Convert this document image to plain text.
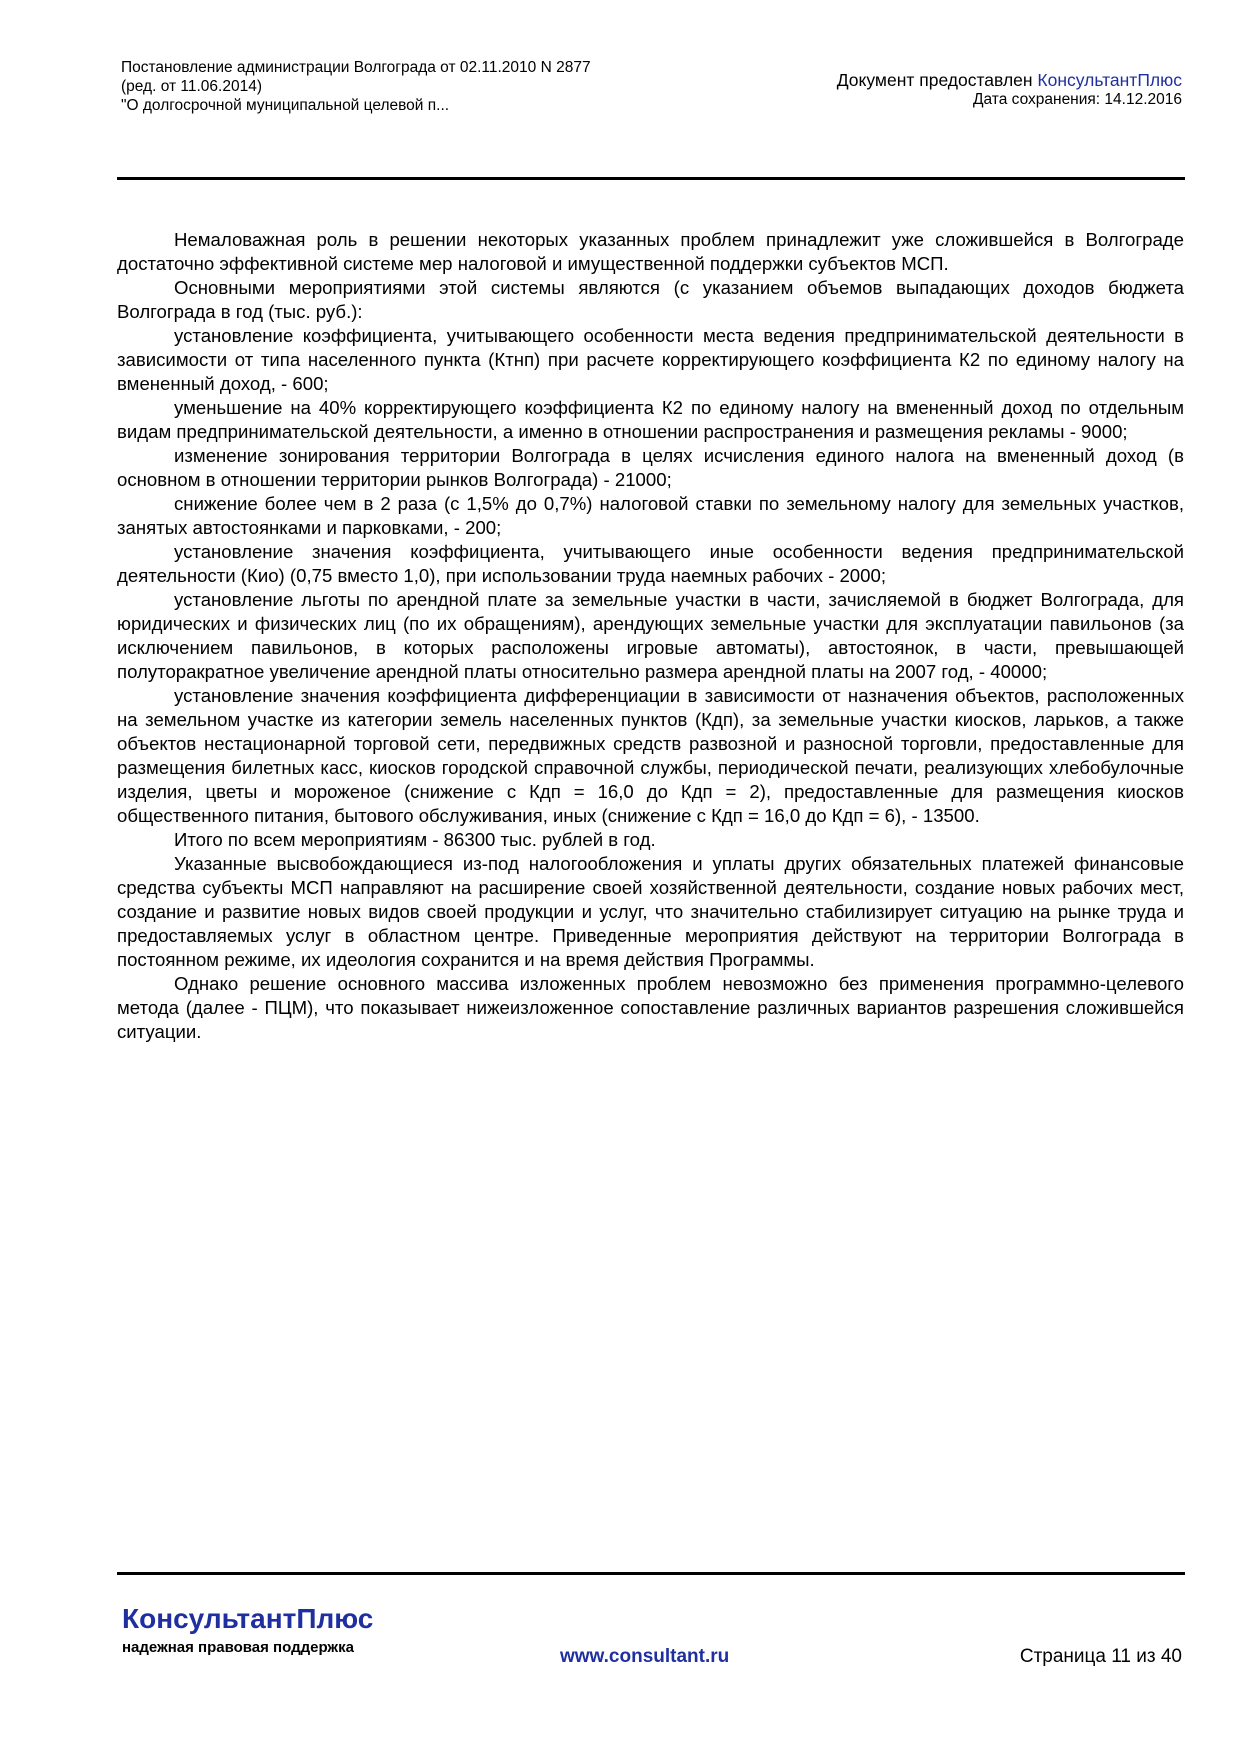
Постановление администрации Волгограда от 02.11.2010 N 2877
(ред. от 11.06.2014)
"О долгосрочной муниципальной целевой п...
Документ предоставлен КонсультантПлюс
Дата сохранения: 14.12.2016

Немаловажная роль в решении некоторых указанных проблем принадлежит уже сложившейся в Волгограде достаточно эффективной системе мер налоговой и имущественной поддержки субъектов МСП.

Основными мероприятиями этой системы являются (с указанием объемов выпадающих доходов бюджета Волгограда в год (тыс. руб.):

установление коэффициента, учитывающего особенности места ведения предпринимательской деятельности в зависимости от типа населенного пункта (Ктнп) при расчете корректирующего коэффициента К2 по единому налогу на вмененный доход, - 600;

уменьшение на 40% корректирующего коэффициента К2 по единому налогу на вмененный доход по отдельным видам предпринимательской деятельности, а именно в отношении распространения и размещения рекламы - 9000;

изменение зонирования территории Волгограда в целях исчисления единого налога на вмененный доход (в основном в отношении территории рынков Волгограда) - 21000;

снижение более чем в 2 раза (с 1,5% до 0,7%) налоговой ставки по земельному налогу для земельных участков, занятых автостоянками и парковками, - 200;

установление значения коэффициента, учитывающего иные особенности ведения предпринимательской деятельности (Кио) (0,75 вместо 1,0), при использовании труда наемных рабочих - 2000;

установление льготы по арендной плате за земельные участки в части, зачисляемой в бюджет Волгограда, для юридических и физических лиц (по их обращениям), арендующих земельные участки для эксплуатации павильонов (за исключением павильонов, в которых расположены игровые автоматы), автостоянок, в части, превышающей полуторакратное увеличение арендной платы относительно размера арендной платы на 2007 год, - 40000;

установление значения коэффициента дифференциации в зависимости от назначения объектов, расположенных на земельном участке из категории земель населенных пунктов (Кдп), за земельные участки киосков, ларьков, а также объектов нестационарной торговой сети, передвижных средств развозной и разносной торговли, предоставленные для размещения билетных касс, киосков городской справочной службы, периодической печати, реализующих хлебобулочные изделия, цветы и мороженое (снижение с Кдп = 16,0 до Кдп = 2), предоставленные для размещения киосков общественного питания, бытового обслуживания, иных (снижение с Кдп = 16,0 до Кдп = 6), - 13500.

Итого по всем мероприятиям - 86300 тыс. рублей в год.

Указанные высвобождающиеся из-под налогообложения и уплаты других обязательных платежей финансовые средства субъекты МСП направляют на расширение своей хозяйственной деятельности, создание новых рабочих мест, создание и развитие новых видов своей продукции и услуг, что значительно стабилизирует ситуацию на рынке труда и предоставляемых услуг в областном центре. Приведенные мероприятия действуют на территории Волгограда в постоянном режиме, их идеология сохранится и на время действия Программы.

Однако решение основного массива изложенных проблем невозможно без применения программно-целевого метода (далее - ПЦМ), что показывает нижеизложенное сопоставление различных вариантов разрешения сложившейся ситуации.

КонсультантПлюс
надежная правовая поддержка	www.consultant.ru	Страница 11 из 40
